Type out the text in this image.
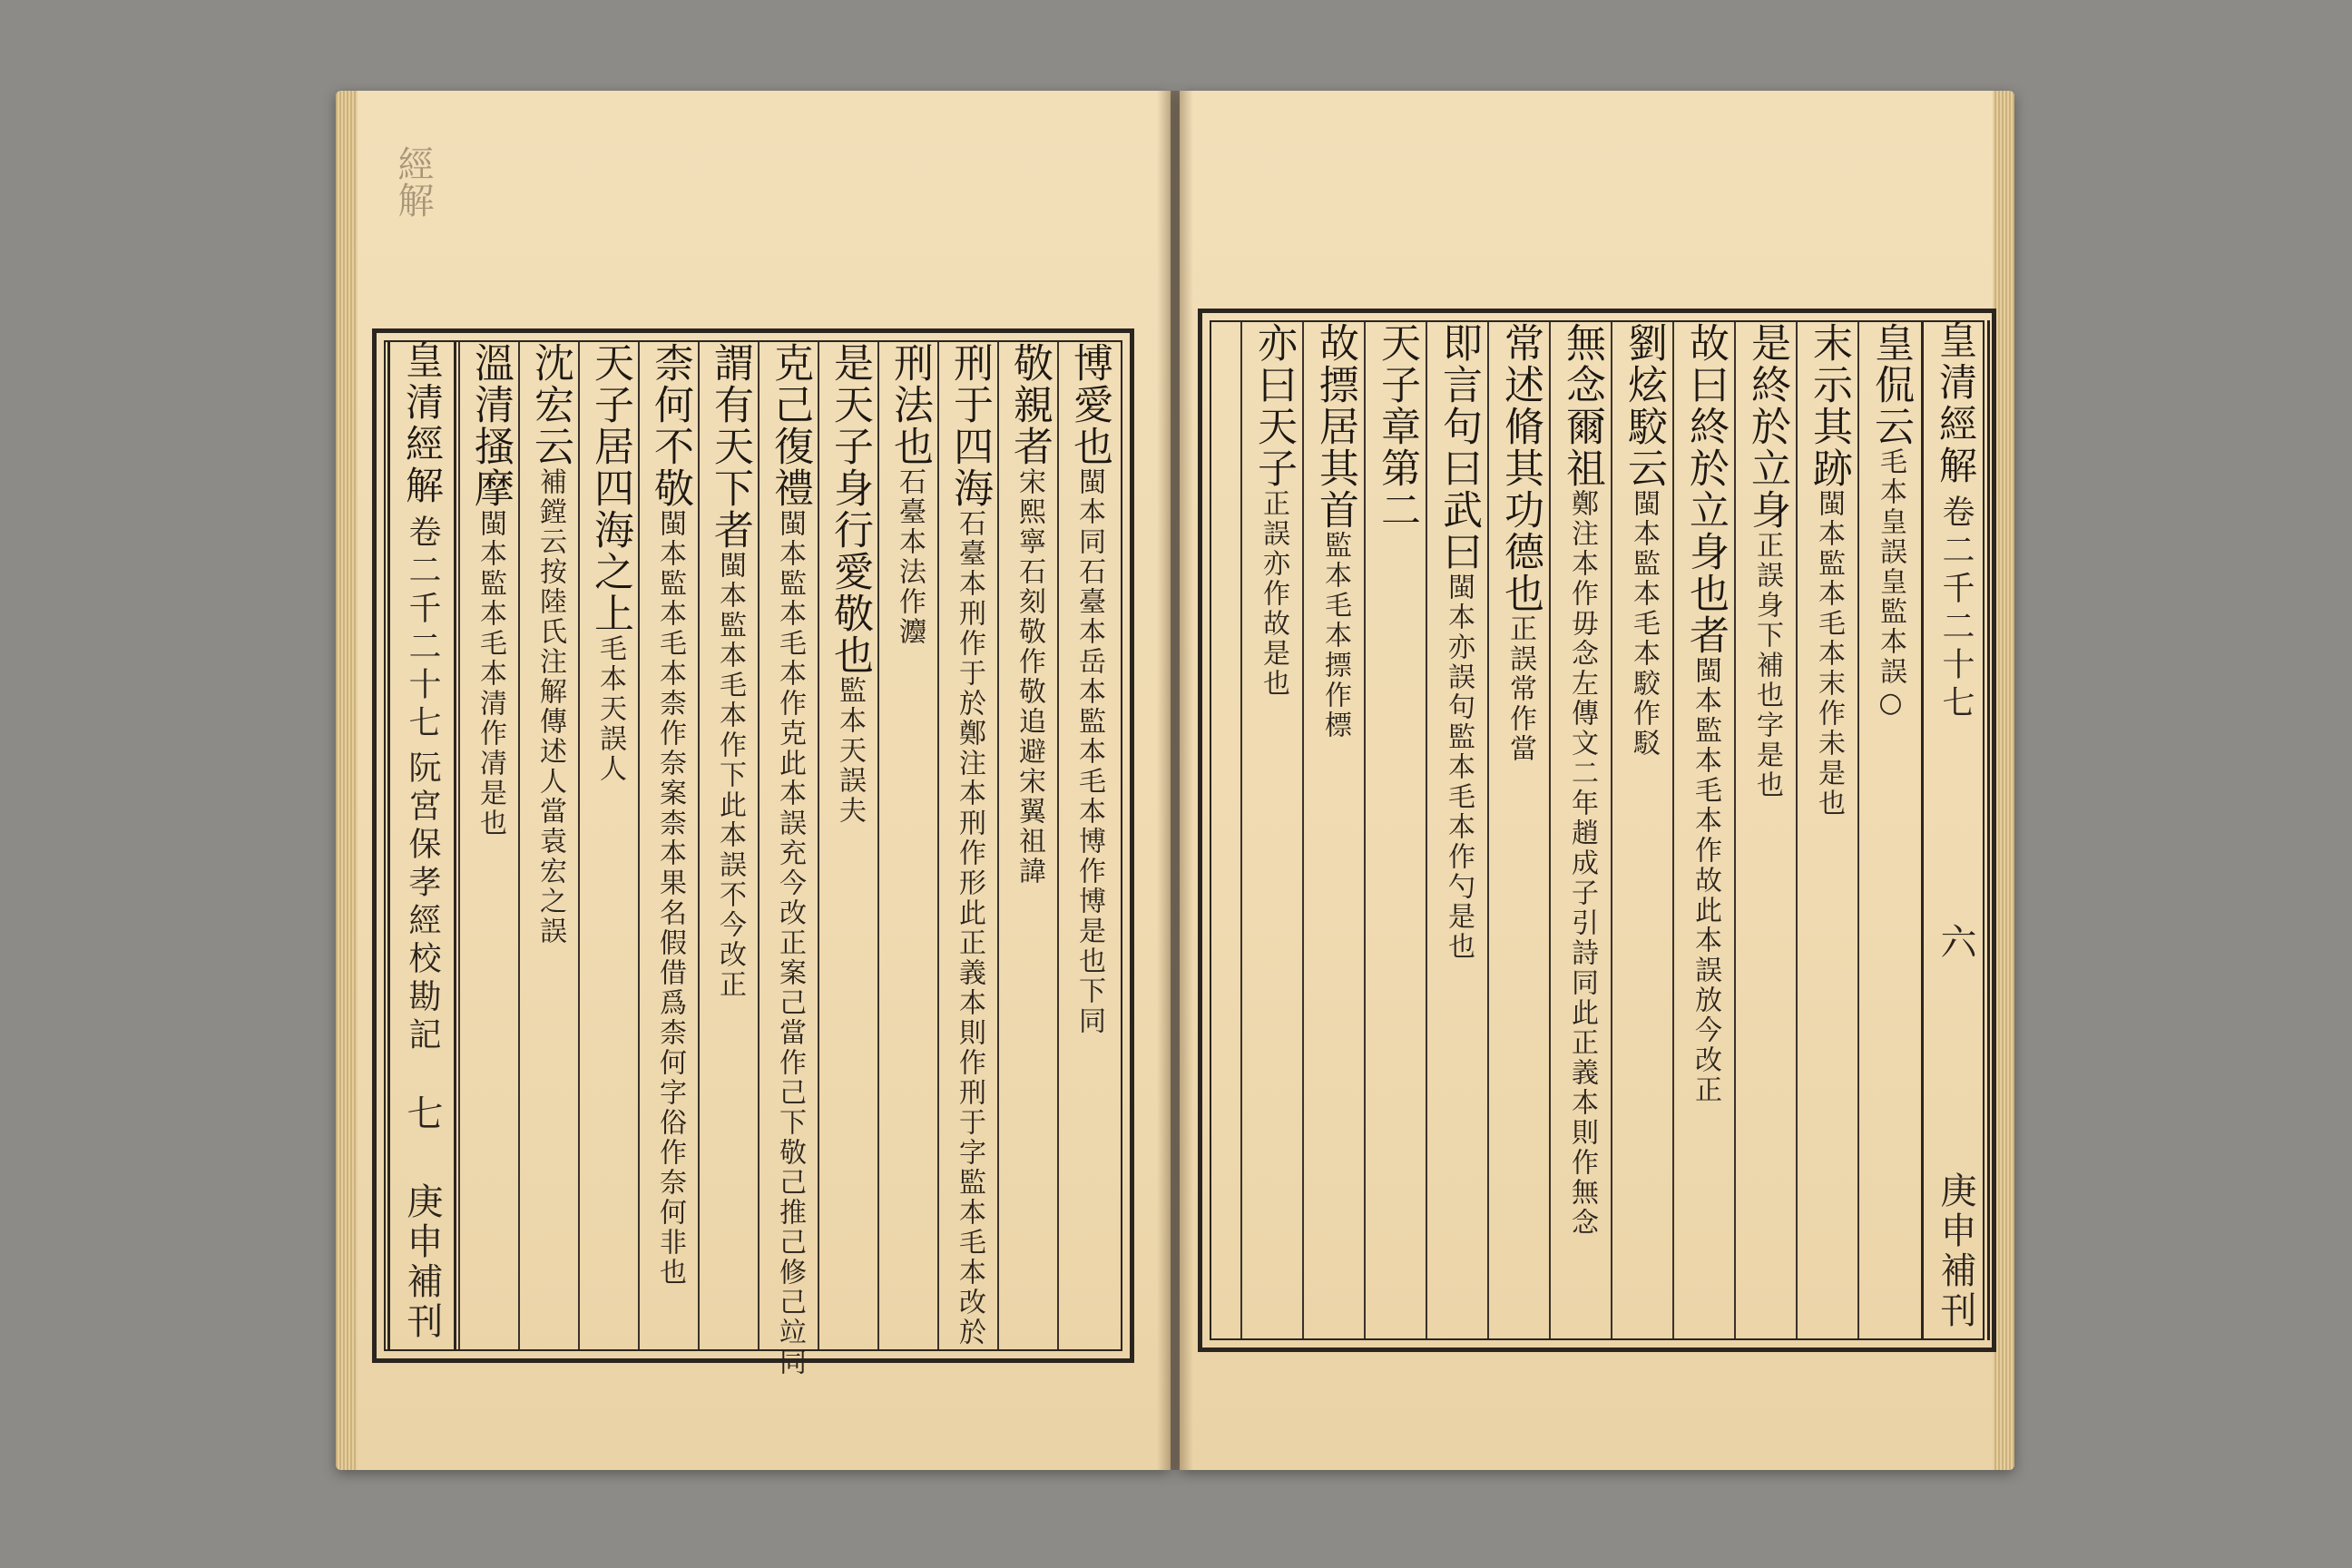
經解
皇清經解
卷二千二十七
阮宮保孝經校勘記
七
庚申補刊
溫清搔摩
閩本監本毛本清作凊是也
沈宏云
補鏜云按陸氏注解傳述人當袁宏之誤 天子居四海之上
毛本天誤人
柰何不敬
閩本監本毛本柰作奈案柰本果名假借爲柰何字俗作奈何非也
謂有天下者
閩本監本毛本作下此本誤不今改正
克己復禮
閩本監本毛本作克此本誤充今改正案己當作己下敬己推己修己竝同 是天子身行愛敬也
監本天誤夫
刑法也
石臺本法作灋
刑于四海
石臺本刑作于於鄭注本刑作形此正義本則作刑于字監本毛本改於
敬親者
宋熙寧石刻敬作敬追避宋翼祖諱
博愛也
閩本同石臺本岳本監本毛本博作博是也下同
皇侃云
毛本皇誤皇監本誤○
末示其跡
閩本監本毛本末作未是也
是終於立身
正誤身下補也字是也
故曰終於立身也者
閩本監本毛本作故此本誤放今改正
劉炫駮云
閩本監本毛本駮作駁
無念爾祖
鄭注本作毋念左傳文二年趙成子引詩同此正義本則作無念
常述脩其功德也
正誤常作當
即言句曰武曰
閩本亦誤句監本毛本作勺是也
天子章第二
故摽居其首
監本毛本摽作標
亦曰天子
正誤亦作故是也
皇清經解
卷二千二十七
六
庚申補刊
